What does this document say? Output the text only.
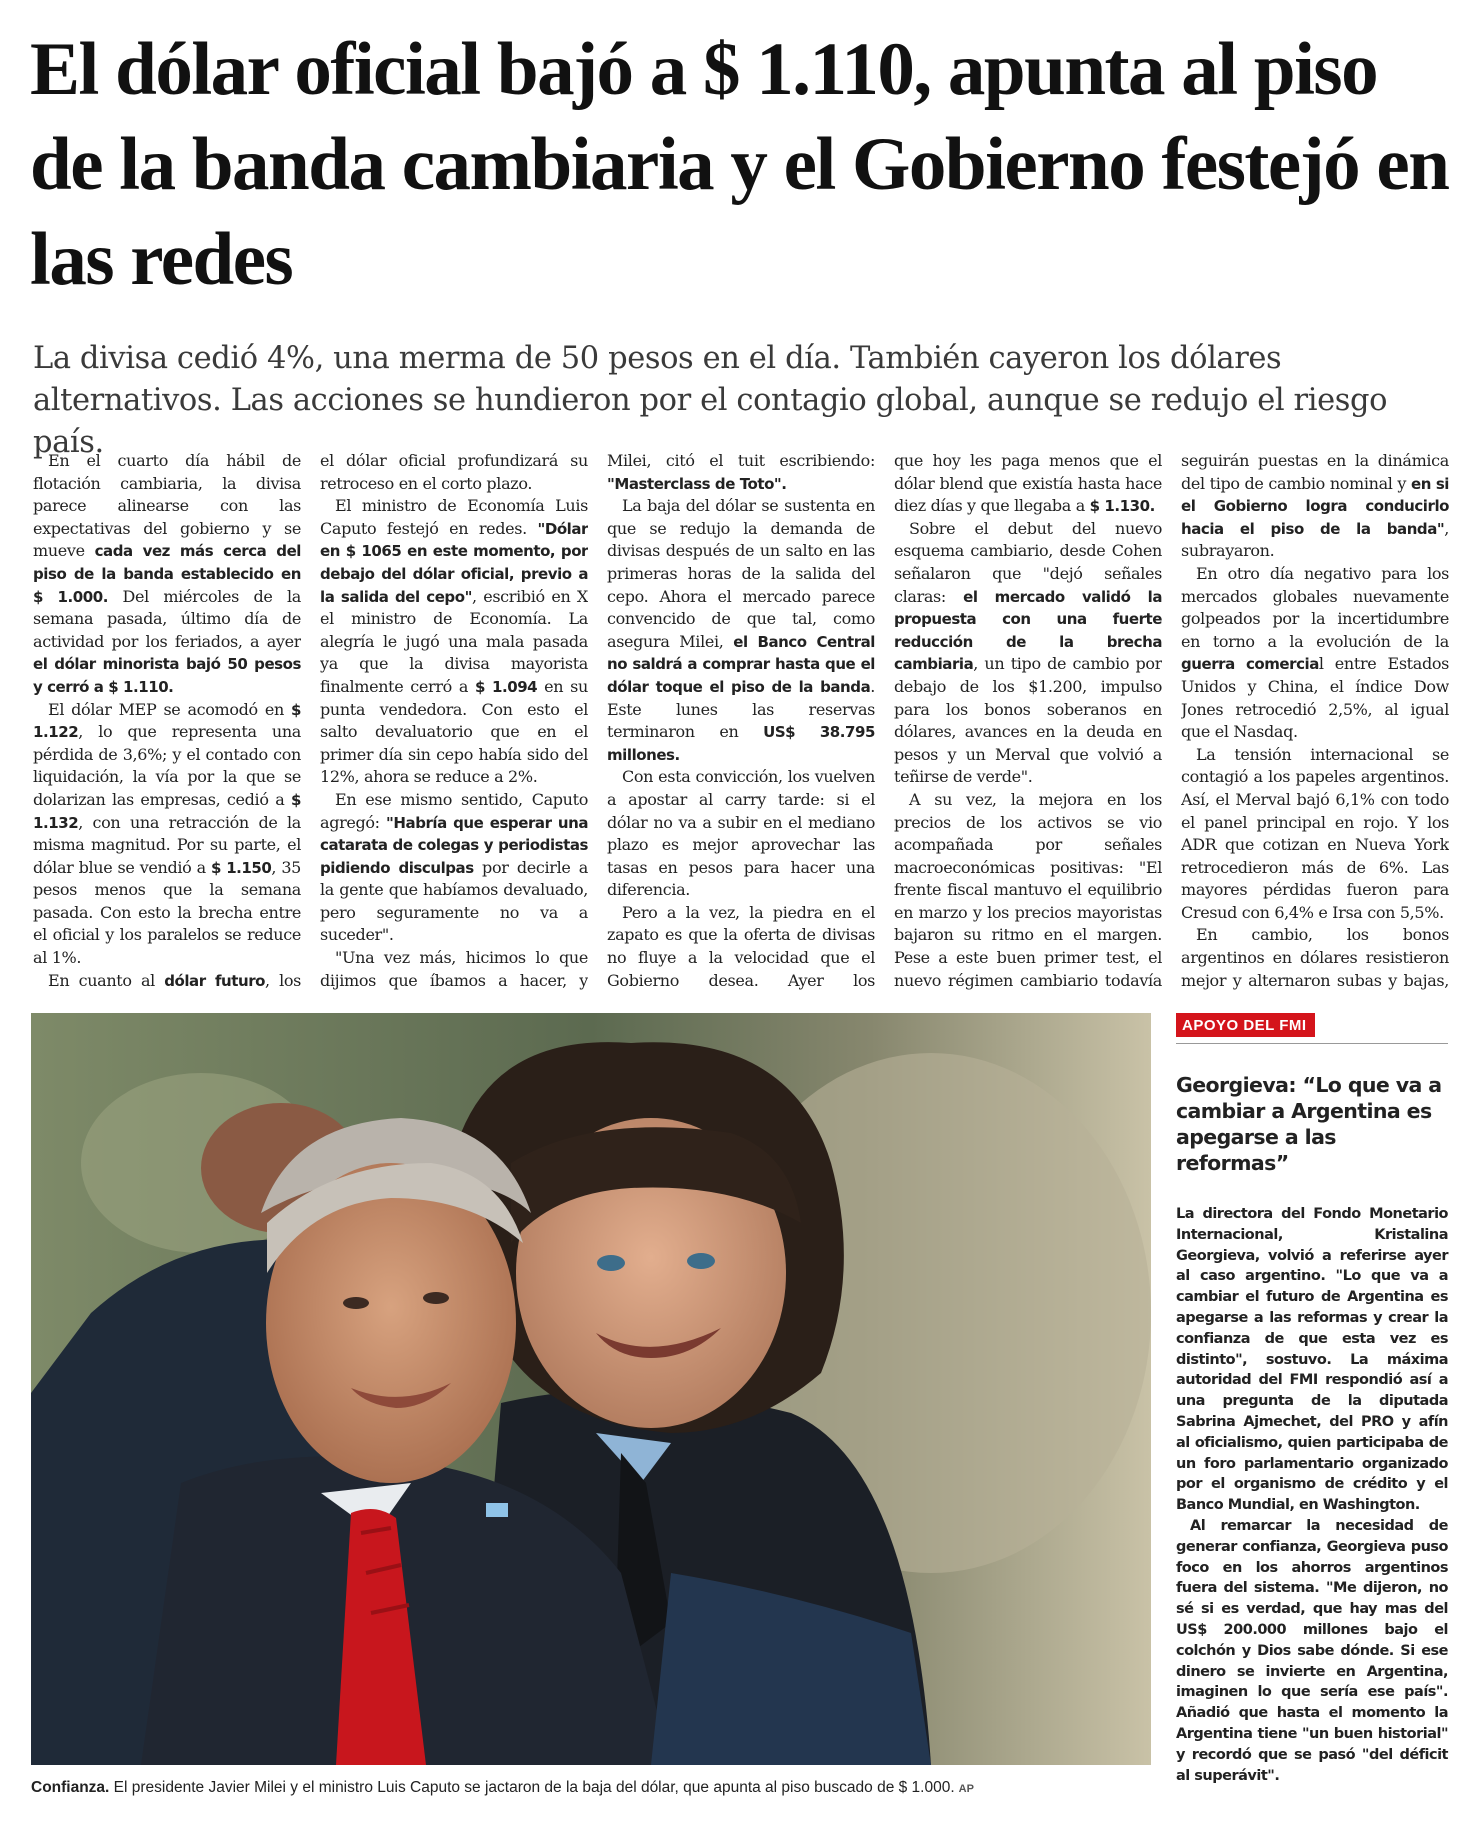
El dólar oficial bajó a $ 1.110, apunta al piso de la banda cambiaria y el Gobierno festejó en las redes

La divisa cedió 4%, una merma de 50 pesos en el día. También cayeron los dólares alternativos. Las acciones se hundieron por el contagio global, aunque se redujo el riesgo país.

En el cuarto día hábil de flotación cambiaria, la divisa parece alinearse con las expectativas del gobierno y se mueve cada vez más cerca del piso de la banda establecido en $ 1.000. Del miércoles de la semana pasada, último día de actividad por los feriados, a ayer el dólar minorista bajó 50 pesos y cerró a $ 1.110.

El dólar MEP se acomodó en $ 1.122, lo que representa una pérdida de 3,6%; y el contado con liquidación, la vía por la que se dolarizan las empresas, cedió a $ 1.132, con una retracción de la misma magnitud. Por su parte, el dólar blue se vendió a $ 1.150, 35 pesos menos que la semana pasada. Con esto la brecha entre el oficial y los paralelos se reduce al 1%.

En cuanto al dólar futuro, los

el dólar oficial profundizará su retroceso en el corto plazo.

El ministro de Economía Luis Caputo festejó en redes. "Dólar en $ 1065 en este momento, por debajo del dólar oficial, previo a la salida del cepo", escribió en X el ministro de Economía. La alegría le jugó una mala pasada ya que la divisa mayorista finalmente cerró a $ 1.094 en su punta vendedora. Con esto el salto devaluatorio que en el primer día sin cepo había sido del 12%, ahora se reduce a 2%.

En ese mismo sentido, Caputo agregó: "Habría que esperar una catarata de colegas y periodistas pidiendo disculpas por decirle a la gente que habíamos devaluado, pero seguramente no va a suceder".

"Una vez más, hicimos lo que dijimos que íbamos a hacer, y

Milei, citó el tuit escribiendo: "Masterclass de Toto".

La baja del dólar se sustenta en que se redujo la demanda de divisas después de un salto en las primeras horas de la salida del cepo. Ahora el mercado parece convencido de que tal, como asegura Milei, el Banco Central no saldrá a comprar hasta que el dólar toque el piso de la banda. Este lunes las reservas terminaron en US$ 38.795 millones.

Con esta convicción, los vuelven a apostar al carry tarde: si el dólar no va a subir en el mediano plazo es mejor aprovechar las tasas en pesos para hacer una diferencia.

Pero a la vez, la piedra en el zapato es que la oferta de divisas no fluye a la velocidad que el Gobierno desea. Ayer los

que hoy les paga menos que el dólar blend que existía hasta hace diez días y que llegaba a $ 1.130.

Sobre el debut del nuevo esquema cambiario, desde Cohen señalaron que "dejó señales claras: el mercado validó la propuesta con una fuerte reducción de la brecha cambiaria, un tipo de cambio por debajo de los $1.200, impulso para los bonos soberanos en dólares, avances en la deuda en pesos y un Merval que volvió a teñirse de verde".

A su vez, la mejora en los precios de los activos se vio acompañada por señales macroeconómicas positivas: "El frente fiscal mantuvo el equilibrio en marzo y los precios mayoristas bajaron su ritmo en el margen. Pese a este buen primer test, el nuevo régimen cambiario todavía

seguirán puestas en la dinámica del tipo de cambio nominal y en si el Gobierno logra conducirlo hacia el piso de la banda", subrayaron.

En otro día negativo para los mercados globales nuevamente golpeados por la incertidumbre en torno a la evolución de la guerra comercial entre Estados Unidos y China, el índice Dow Jones retrocedió 2,5%, al igual que el Nasdaq.

La tensión internacional se contagió a los papeles argentinos. Así, el Merval bajó 6,1% con todo el panel principal en rojo. Y los ADR que cotizan en Nueva York retrocedieron más de 6%. Las mayores pérdidas fueron para Cresud con 6,4% e Irsa con 5,5%.

En cambio, los bonos argentinos en dólares resistieron mejor y alternaron subas y bajas,

Confianza. El presidente Javier Milei y el ministro Luis Caputo se jactaron de la baja del dólar, que apunta al piso buscado de $ 1.000. AP
APOYO DEL FMI
Georgieva: “Lo que va a cambiar a Argentina es apegarse a las reformas”

La directora del Fondo Monetario Internacional, Kristalina Georgieva, volvió a referirse ayer al caso argentino. "Lo que va a cambiar el futuro de Argentina es apegarse a las reformas y crear la confianza de que esta vez es distinto", sostuvo. La máxima autoridad del FMI respondió así a una pregunta de la diputada Sabrina Ajmechet, del PRO y afín al oficialismo, quien participaba de un foro parlamentario organizado por el organismo de crédito y el Banco Mundial, en Washington.

Al remarcar la necesidad de generar confianza, Georgieva puso foco en los ahorros argentinos fuera del sistema. "Me dijeron, no sé si es verdad, que hay mas del US$ 200.000 millones bajo el colchón y Dios sabe dónde. Si ese dinero se invierte en Argentina, imaginen lo que sería ese país". Añadió que hasta el momento la Argentina tiene "un buen historial" y recordó que se pasó "del déficit al superávit".
